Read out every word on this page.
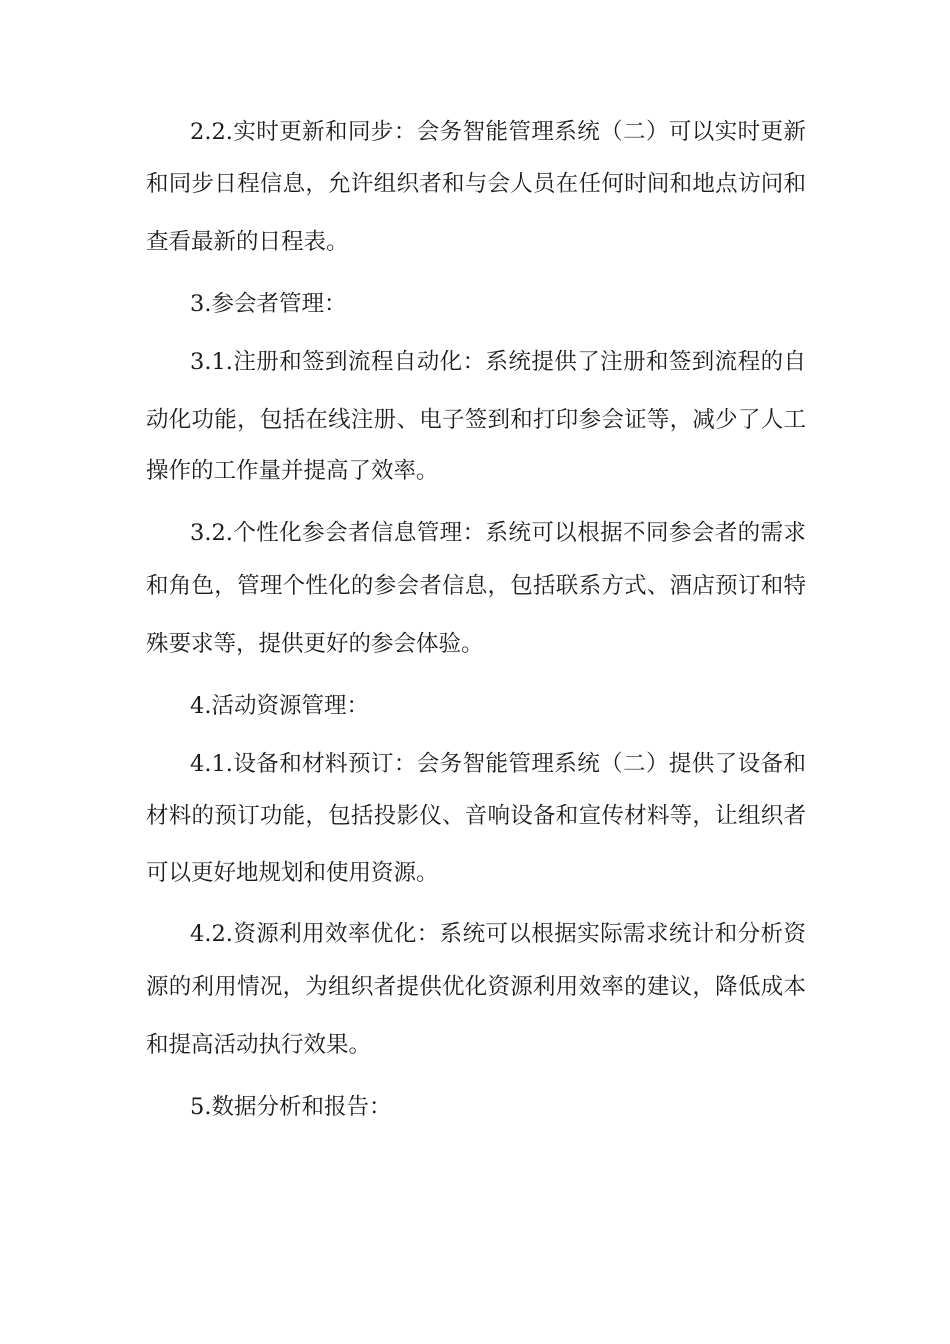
2.2.实时更新和同步：会务智能管理系统（二）可以实时更新
和同步日程信息，允许组织者和与会人员在任何时间和地点访问和
查看最新的日程表。
3.参会者管理：
3.1.注册和签到流程自动化：系统提供了注册和签到流程的自
动化功能，包括在线注册、电子签到和打印参会证等，减少了人工
操作的工作量并提高了效率。
3.2.个性化参会者信息管理：系统可以根据不同参会者的需求
和角色，管理个性化的参会者信息，包括联系方式、酒店预订和特
殊要求等，提供更好的参会体验。
4.活动资源管理：
4.1.设备和材料预订：会务智能管理系统（二）提供了设备和
材料的预订功能，包括投影仪、音响设备和宣传材料等，让组织者
可以更好地规划和使用资源。
4.2.资源利用效率优化：系统可以根据实际需求统计和分析资
源的利用情况，为组织者提供优化资源利用效率的建议，降低成本
和提高活动执行效果。
5.数据分析和报告：
